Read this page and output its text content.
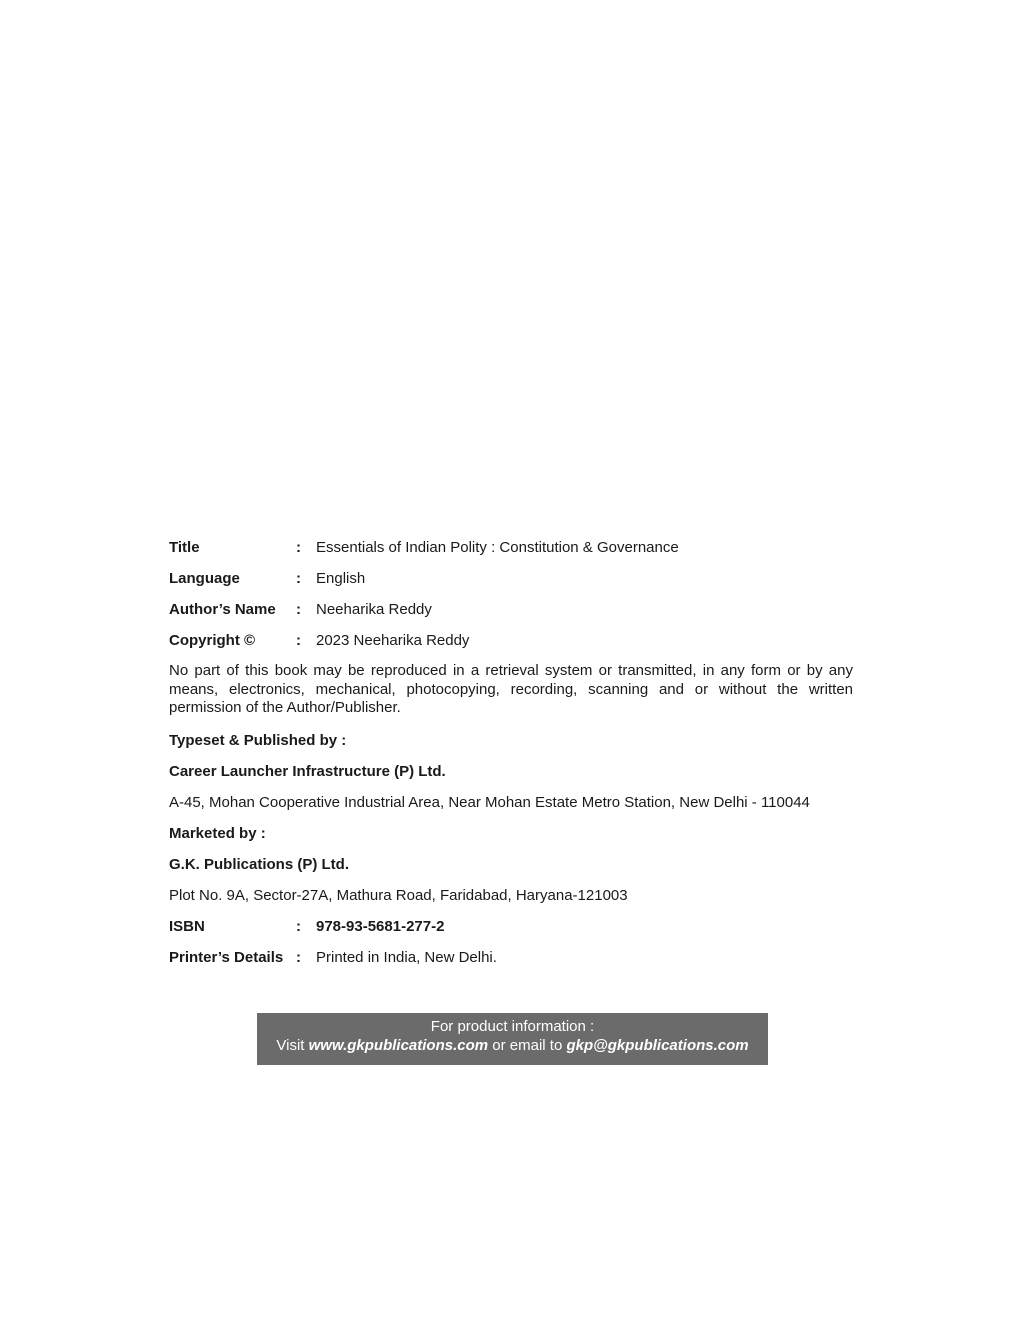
Title	:	Essentials of Indian Polity : Constitution & Governance
Language	:	English
Author’s Name	:	Neeharika Reddy
Copyright ©	:	2023 Neeharika Reddy

No part of this book may be reproduced in a retrieval system or transmitted, in any form or by any means, electronics, mechanical, photocopying, recording, scanning and or without the written permission of the Author/Publisher.

Typeset & Published by :
Career Launcher Infrastructure (P) Ltd.
A-45, Mohan Cooperative Industrial Area, Near Mohan Estate Metro Station, New Delhi - 110044
Marketed by :
G.K. Publications (P) Ltd.
Plot No. 9A, Sector-27A, Mathura Road, Faridabad, Haryana-121003
ISBN	:	978-93-5681-277-2
Printer’s Details :	Printed in India, New Delhi.
For product information :
Visit www.gkpublications.com or email to gkp@gkpublications.com
